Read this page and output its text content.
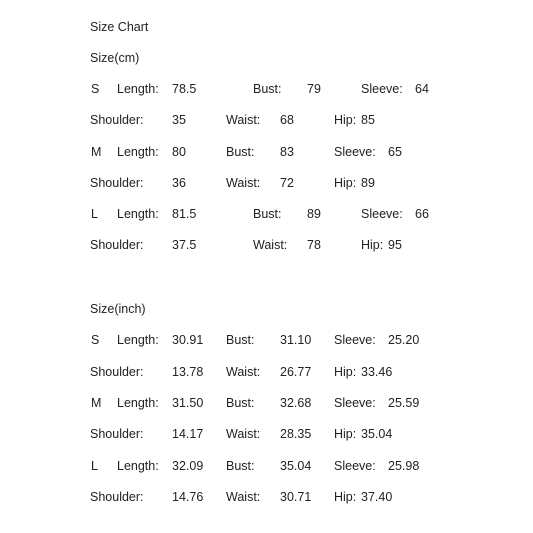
Size Chart
Size(cm)
Size(inch)
S Length: 78.5	Bust: 79	Sleeve: 64
Shoulder: 35	Waist: 68	Hip: 85
M Length: 80	Bust: 83	Sleeve: 65
Shoulder: 36	Waist: 72	Hip: 89
L Length: 81.5	Bust: 89	Sleeve: 66
Shoulder: 37.5	Waist: 78	Hip: 95
S Length: 30.91 Bust: 31.10 Sleeve: 25.20
Shoulder: 13.78 Waist: 26.77 Hip: 33.46
M Length: 31.50 Bust: 32.68 Sleeve: 25.59
Shoulder: 14.17 Waist: 28.35 Hip: 35.04
L Length: 32.09 Bust: 35.04 Sleeve: 25.98
Shoulder: 14.76 Waist: 30.71 Hip: 37.40
